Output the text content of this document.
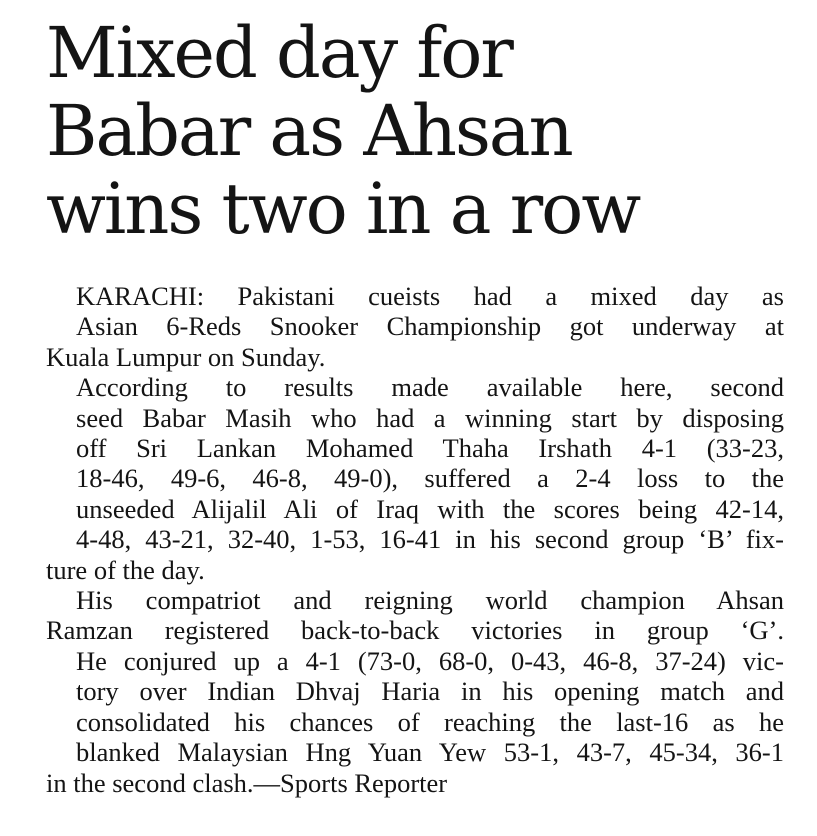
Mixed day for
Babar as Ahsan
wins two in a row

KARACHI: Pakistani cueists had a mixed day as
Asian 6-Reds Snooker Championship got underway at

Kuala Lumpur on Sunday.

According to results made available here, second
seed Babar Masih who had a winning start by disposing
off Sri Lankan Mohamed Thaha Irshath 4-1 (33-23,
18-46, 49-6, 46-8, 49-0), suffered a 2-4 loss to the
unseeded Alijalil Ali of Iraq with the scores being 42-14,
4-48, 43-21, 32-40, 1-53, 16-41 in his second group ‘B’ fix-

ture of the day.

His compatriot and reigning world champion Ahsan
Ramzan registered back-to-back victories in group ‘G’.

He conjured up a 4-1 (73-0, 68-0, 0-43, 46-8, 37-24) vic-
tory over Indian Dhvaj Haria in his opening match and
consolidated his chances of reaching the last-16 as he
blanked Malaysian Hng Yuan Yew 53-1, 43-7, 45-34, 36-1

in the second clash.—Sports Reporter
